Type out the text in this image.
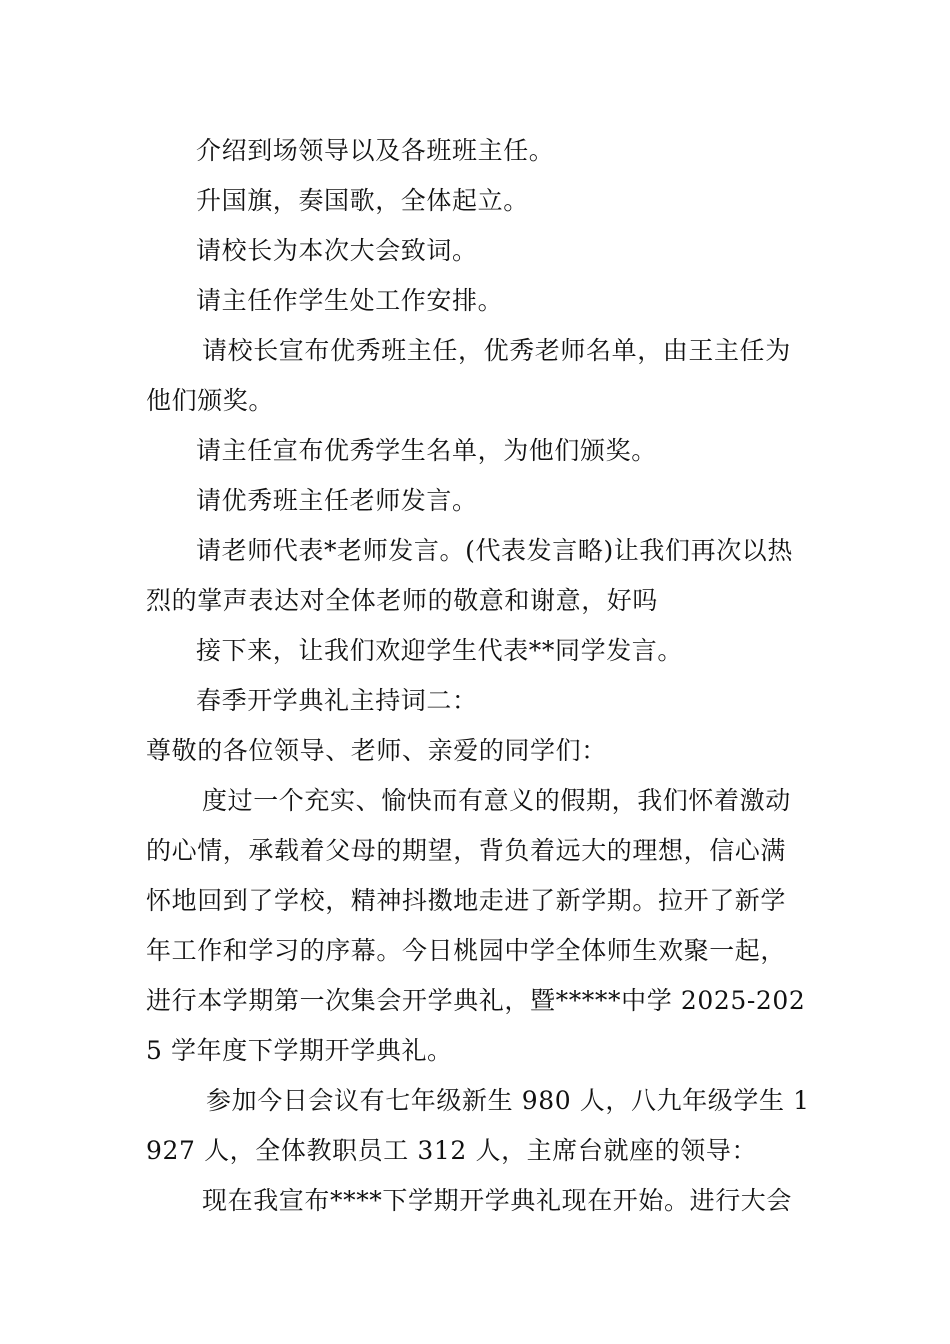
介绍到场领导以及各班班主任。

升国旗，奏国歌，全体起立。

请校长为本次大会致词。

请主任作学生处工作安排。

请校长宣布优秀班主任，优秀老师名单，由王主任为他们颁奖。

请主任宣布优秀学生名单，为他们颁奖。

请优秀班主任老师发言。

请老师代表*老师发言。(代表发言略)让我们再次以热烈的掌声表达对全体老师的敬意和谢意，好吗

接下来，让我们欢迎学生代表**同学发言。

春季开学典礼主持词二：

尊敬的各位领导、老师、亲爱的同学们：

度过一个充实、愉快而有意义的假期，我们怀着激动的心情，承载着父母的期望，背负着远大的理想，信心满怀地回到了学校，精神抖擞地走进了新学期。拉开了新学年工作和学习的序幕。今日桃园中学全体师生欢聚一起，进行本学期第一次集会开学典礼，暨*****中学 2025-2025 学年度下学期开学典礼。

参加今日会议有七年级新生 980 人，八九年级学生 1927 人，全体教职员工 312 人，主席台就座的领导：

现在我宣布****下学期开学典礼现在开始。进行大会
